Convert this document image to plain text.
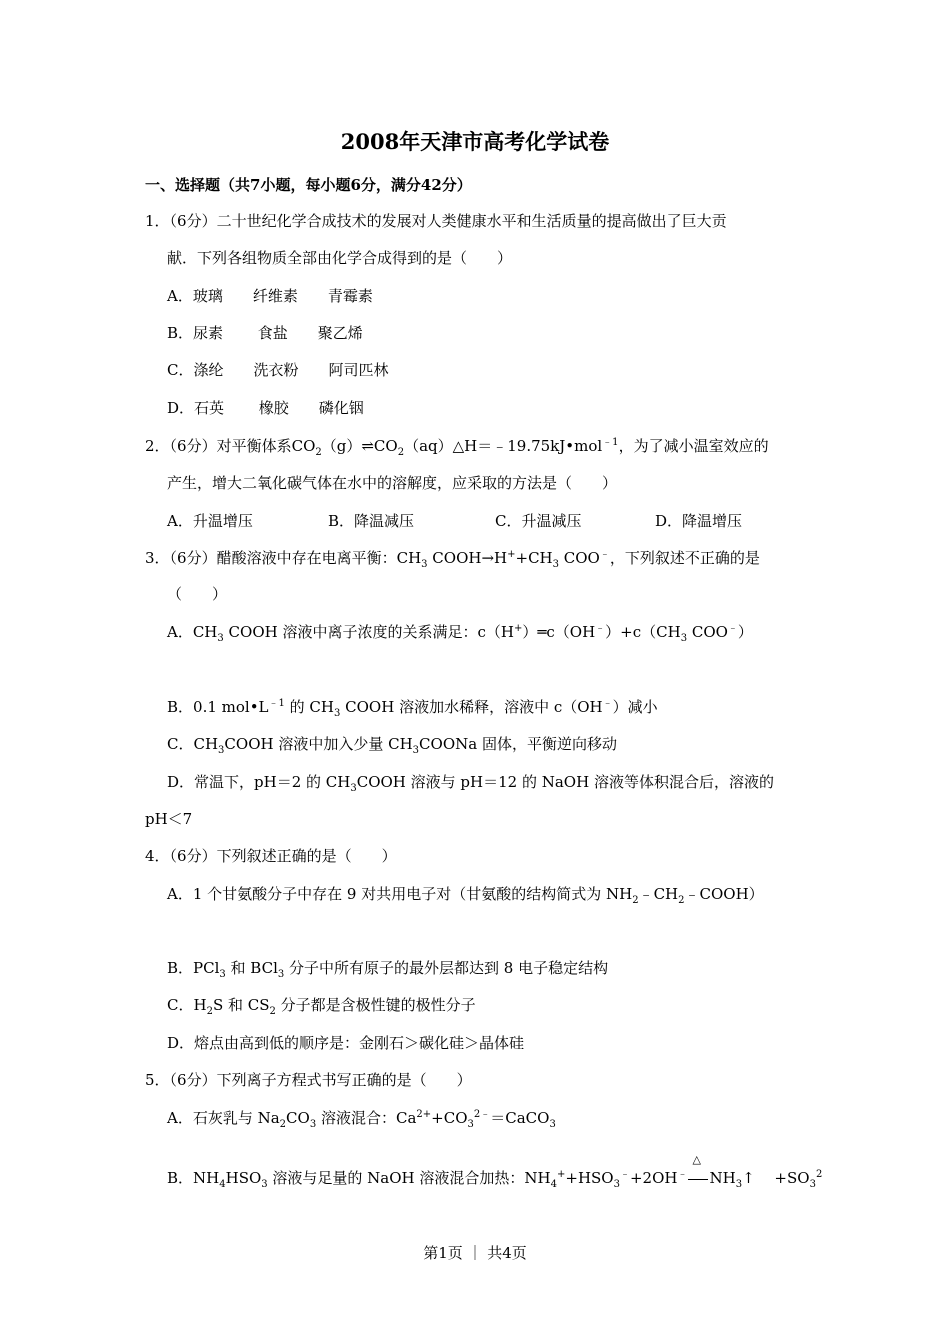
2008年天津市高考化学试卷
一、选择题（共7小题，每小题6分，满分42分）
1．（6分）二十世纪化学合成技术的发展对人类健康水平和生活质量的提高做出了巨大贡
献．下列各组物质全部由化学合成得到的是（　　）
A．玻璃　　纤维素　　青霉素
B．尿素　　 食盐　　聚乙烯
C．涤纶　　洗衣粉　　阿司匹林
D．石英　　 橡胶　　磷化铟
2．（6分）对平衡体系$CO_2(g)\rightleftharpoons CO_2(aq)\triangle H=﹣19.75kJ•mol^{﹣1}$，为了减小温室效应的
产生，增大二氧化碳气体在水中的溶解度，应采取的方法是（　　）
A．升温增压	B．降温减压	C．升温减压	D．降温增压
3．（6分）醋酸溶液中存在电离平衡：$CH_3$ $COOH\to H^++CH_3$ COO﹣，下列叙述不正确的是
（　　）
A．$CH_3$ COOH 溶液中离子浓度的关系满足：$c(H^+)═c(OH^﹣)+c(CH_3$ COO﹣）
B．0.1 $mol•L^{﹣1}$ 的 $CH_3$ COOH 溶液加水稀释，溶液中 c（OH﹣）减小
C．$CH_3COOH$ 溶液中加入少量 $CH_3COONa$ 固体，平衡逆向移动
D．常温下，pH＝2 的 $CH_3COOH$ 溶液与 pH＝12 的 NaOH 溶液等体积混合后，溶液的
pH＜7
4．（6分）下列叙述正确的是（　　）
A．1 个甘氨酸分子中存在 9 对共用电子对（甘氨酸的结构简式为 $NH_2﹣CH_2﹣COOH$）
B．PCl$_3$ 和 BCl$_3$ 分子中所有原子的最外层都达到 8 电子稳定结构
C．$H_2S$ 和 $CS_2$ 分子都是含极性键的极性分子
D．熔点由高到低的顺序是：金刚石＞碳化硅＞晶体硅
5．（6分）下列离子方程式书写正确的是（　　）
A．石灰乳与 $Na_2CO_3$ 溶液混合：$Ca^{2+}+CO_3^{2﹣}=CaCO_3$
B．$NH_4HSO_3$ 溶液与足量的 NaOH 溶液混合加热：$NH_4^++HSO_3^﹣+2OH^﹣$
△
$NH_3↑$　 $+SO_3^2$
第1页 ｜ 共4页
